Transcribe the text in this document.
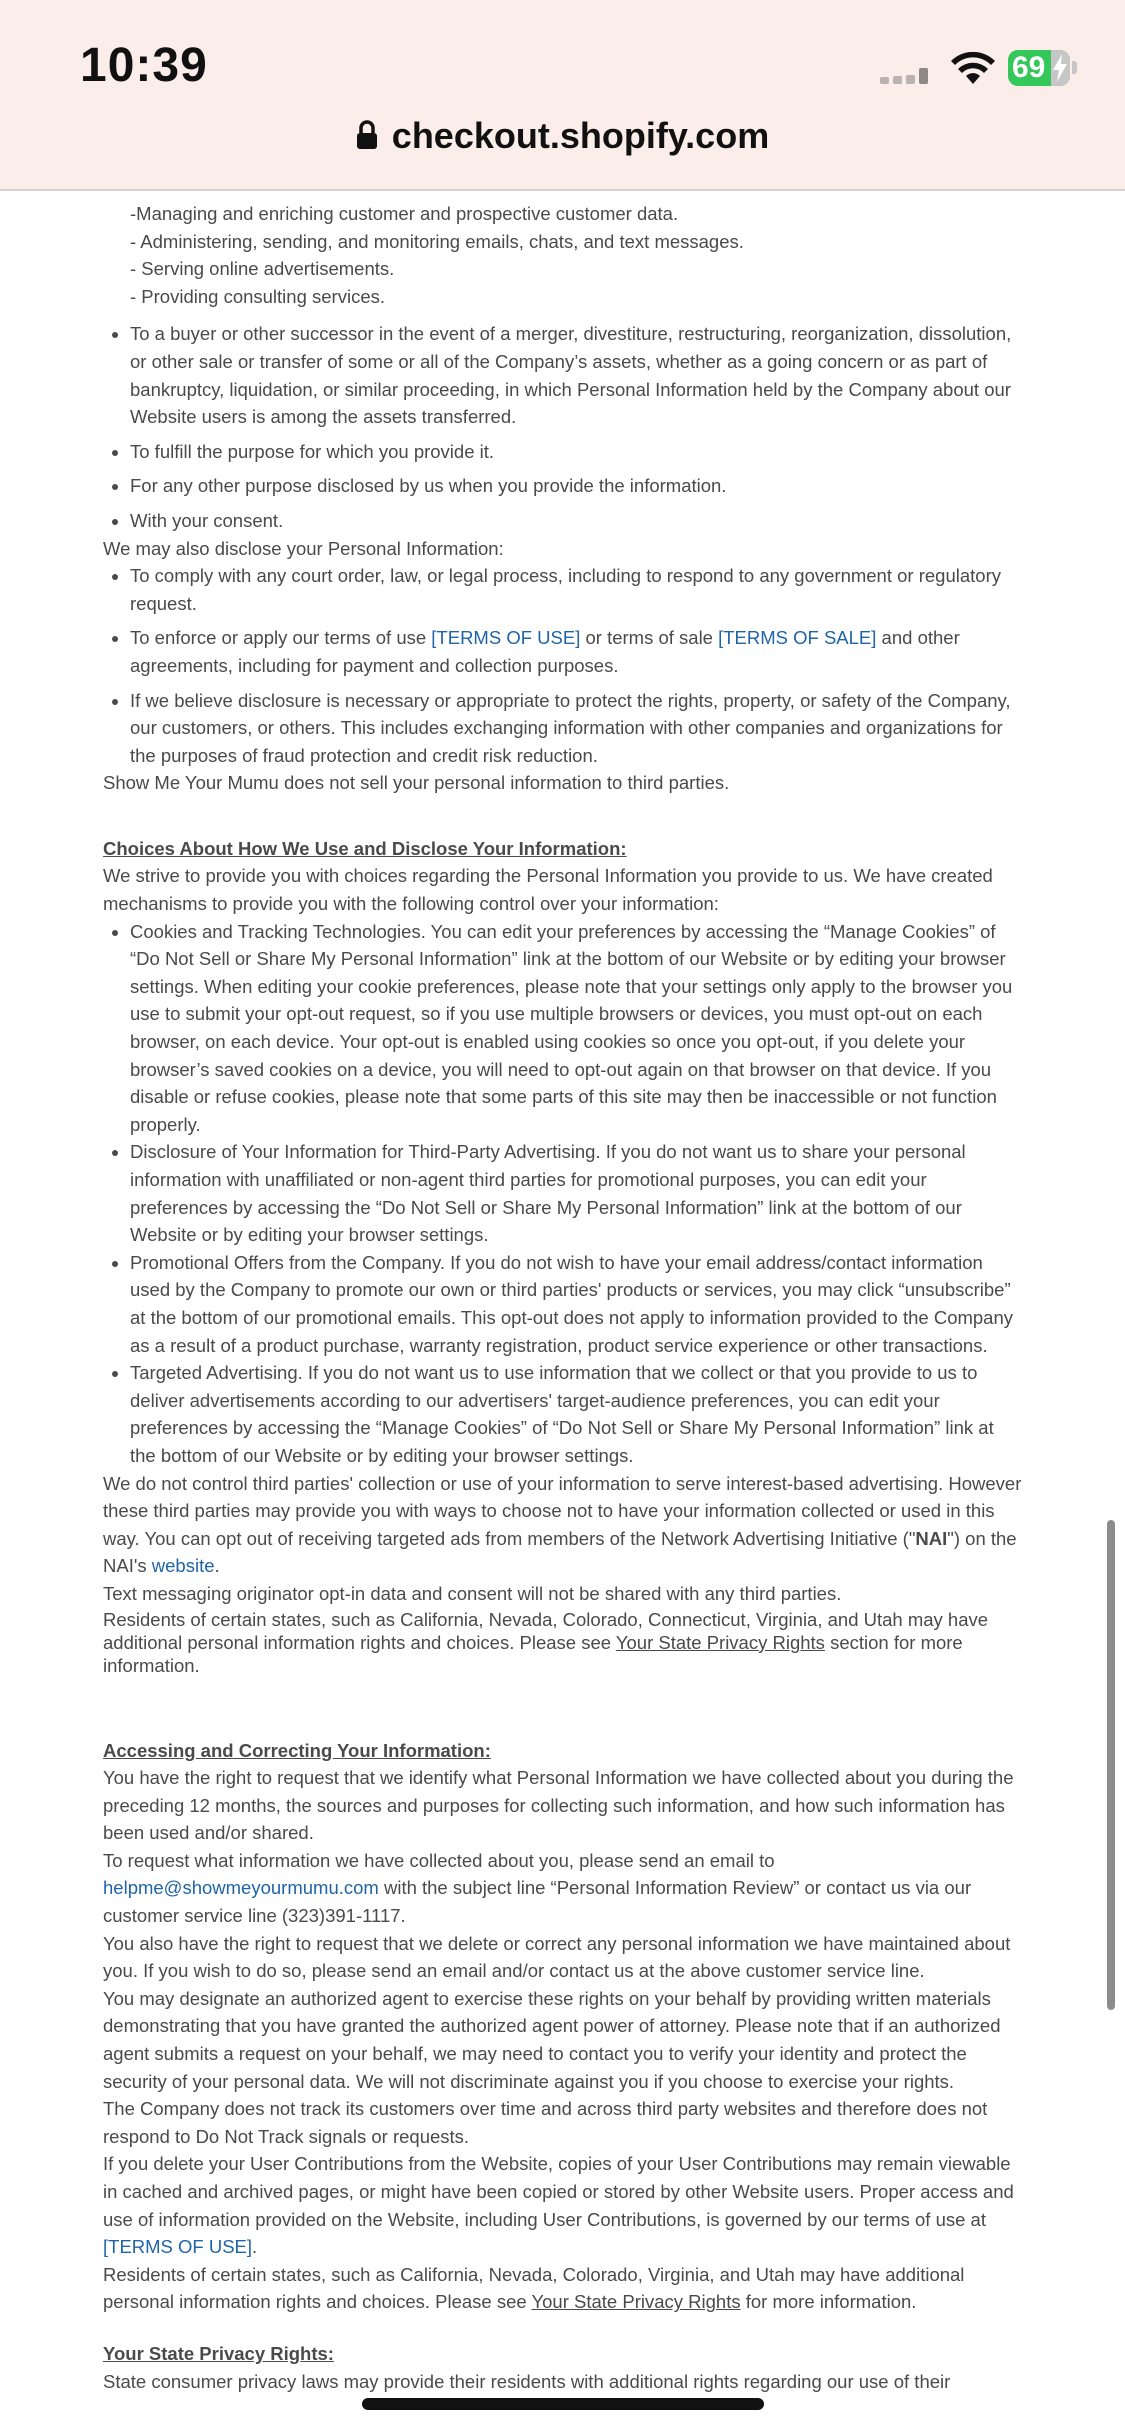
10:39	69
checkout.shopify.com
-Managing and enriching customer and prospective customer data.
- Administering, sending, and monitoring emails, chats, and text messages.
- Serving online advertisements.
- Providing consulting services.
• To a buyer or other successor in the event of a merger, divestiture, restructuring, reorganization, dissolution, or other sale or transfer of some or all of the Company’s assets, whether as a going concern or as part of bankruptcy, liquidation, or similar proceeding, in which Personal Information held by the Company about our Website users is among the assets transferred.
• To fulfill the purpose for which you provide it.
• For any other purpose disclosed by us when you provide the information.
• With your consent.

We may also disclose your Personal Information:

• To comply with any court order, law, or legal process, including to respond to any government or regulatory request.
• To enforce or apply our terms of use [TERMS OF USE] or terms of sale [TERMS OF SALE] and other agreements, including for payment and collection purposes.
• If we believe disclosure is necessary or appropriate to protect the rights, property, or safety of the Company, our customers, or others. This includes exchanging information with other companies and organizations for the purposes of fraud protection and credit risk reduction.

Show Me Your Mumu does not sell your personal information to third parties.

Choices About How We Use and Disclose Your Information:

We strive to provide you with choices regarding the Personal Information you provide to us. We have created mechanisms to provide you with the following control over your information:

• Cookies and Tracking Technologies. You can edit your preferences by accessing the “Manage Cookies” of “Do Not Sell or Share My Personal Information” link at the bottom of our Website or by editing your browser settings. When editing your cookie preferences, please note that your settings only apply to the browser you use to submit your opt-out request, so if you use multiple browsers or devices, you must opt-out on each browser, on each device. Your opt-out is enabled using cookies so once you opt-out, if you delete your browser’s saved cookies on a device, you will need to opt-out again on that browser on that device. If you disable or refuse cookies, please note that some parts of this site may then be inaccessible or not function properly.
• Disclosure of Your Information for Third-Party Advertising. If you do not want us to share your personal information with unaffiliated or non-agent third parties for promotional purposes, you can edit your preferences by accessing the “Do Not Sell or Share My Personal Information” link at the bottom of our Website or by editing your browser settings.
• Promotional Offers from the Company. If you do not wish to have your email address/contact information used by the Company to promote our own or third parties' products or services, you may click “unsubscribe” at the bottom of our promotional emails. This opt-out does not apply to information provided to the Company as a result of a product purchase, warranty registration, product service experience or other transactions.
• Targeted Advertising. If you do not want us to use information that we collect or that you provide to us to deliver advertisements according to our advertisers' target-audience preferences, you can edit your preferences by accessing the “Manage Cookies” of “Do Not Sell or Share My Personal Information” link at the bottom of our Website or by editing your browser settings.

We do not control third parties' collection or use of your information to serve interest-based advertising. However these third parties may provide you with ways to choose not to have your information collected or used in this way. You can opt out of receiving targeted ads from members of the Network Advertising Initiative ("NAI") on the NAI's website.

Text messaging originator opt-in data and consent will not be shared with any third parties.

Residents of certain states, such as California, Nevada, Colorado, Connecticut, Virginia, and Utah may have additional personal information rights and choices. Please see Your State Privacy Rights section for more information.

Accessing and Correcting Your Information:

You have the right to request that we identify what Personal Information we have collected about you during the preceding 12 months, the sources and purposes for collecting such information, and how such information has been used and/or shared.

To request what information we have collected about you, please send an email to helpme@showmeyourmumu.com with the subject line “Personal Information Review” or contact us via our customer service line (323)391-1117.

You also have the right to request that we delete or correct any personal information we have maintained about you. If you wish to do so, please send an email and/or contact us at the above customer service line.

You may designate an authorized agent to exercise these rights on your behalf by providing written materials demonstrating that you have granted the authorized agent power of attorney. Please note that if an authorized agent submits a request on your behalf, we may need to contact you to verify your identity and protect the security of your personal data. We will not discriminate against you if you choose to exercise your rights.

The Company does not track its customers over time and across third party websites and therefore does not respond to Do Not Track signals or requests.

If you delete your User Contributions from the Website, copies of your User Contributions may remain viewable in cached and archived pages, or might have been copied or stored by other Website users. Proper access and use of information provided on the Website, including User Contributions, is governed by our terms of use at [TERMS OF USE].

Residents of certain states, such as California, Nevada, Colorado, Virginia, and Utah may have additional personal information rights and choices. Please see Your State Privacy Rights for more information.

Your State Privacy Rights:

State consumer privacy laws may provide their residents with additional rights regarding our use of their
